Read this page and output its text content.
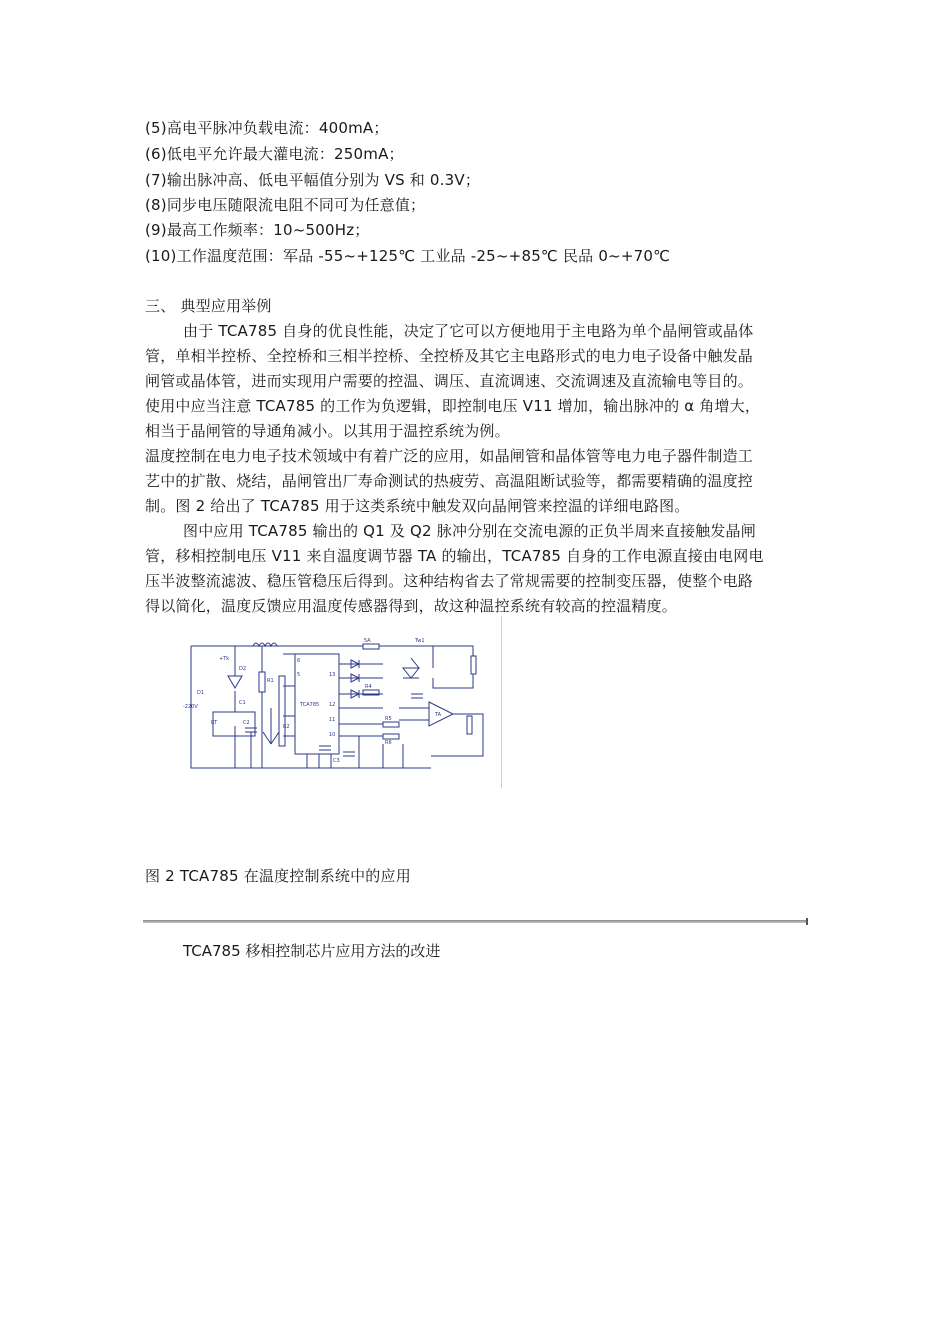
(5)高电平脉冲负载电流：400mA；
(6)低电平允许最大灌电流：250mA；
(7)输出脉冲高、低电平幅值分别为 VS 和 0.3V；
(8)同步电压随限流电阻不同可为任意值；
(9)最高工作频率：10~500Hz；
(10)工作温度范围：军品 -55~+125℃ 工业品 -25~+85℃ 民品 0~+70℃
三、 典型应用举例
由于 TCA785 自身的优良性能，决定了它可以方便地用于主电路为单个晶闸管或晶体
管，单相半控桥、全控桥和三相半控桥、全控桥及其它主电路形式的电力电子设备中触发晶
闸管或晶体管，进而实现用户需要的控温、调压、直流调速、交流调速及直流输电等目的。
使用中应当注意 TCA785 的工作为负逻辑，即控制电压 V11 增加，输出脉冲的 α 角增大，
相当于晶闸管的导通角减小。以其用于温控系统为例。
温度控制在电力电子技术领域中有着广泛的应用，如晶闸管和晶体管等电力电子器件制造工
艺中的扩散、烧结，晶闸管出厂寿命测试的热疲劳、高温阻断试验等，都需要精确的温度控
制。图 2 给出了 TCA785 用于这类系统中触发双向晶闸管来控温的详细电路图。
图中应用 TCA785 输出的 Q1 及 Q2 脉冲分别在交流电源的正负半周来直接触发晶闸
管，移相控制电压 V11 来自温度调节器 TA 的输出，TCA785 自身的工作电源直接由电网电
压半波整流滤波、稳压管稳压后得到。这种结构省去了常规需要的控制变压器，使整个电路
得以简化，温度反馈应用温度传感器得到，故这种温控系统有较高的控温精度。
TCA785
5A	Tw1
+Tk
D2
R1
D1
C1
-220V
RT
R2
C2
C3
R4
R5
R6
TA
6
5	13
12
11
10
图 2 TCA785 在温度控制系统中的应用
TCA785 移相控制芯片应用方法的改进
